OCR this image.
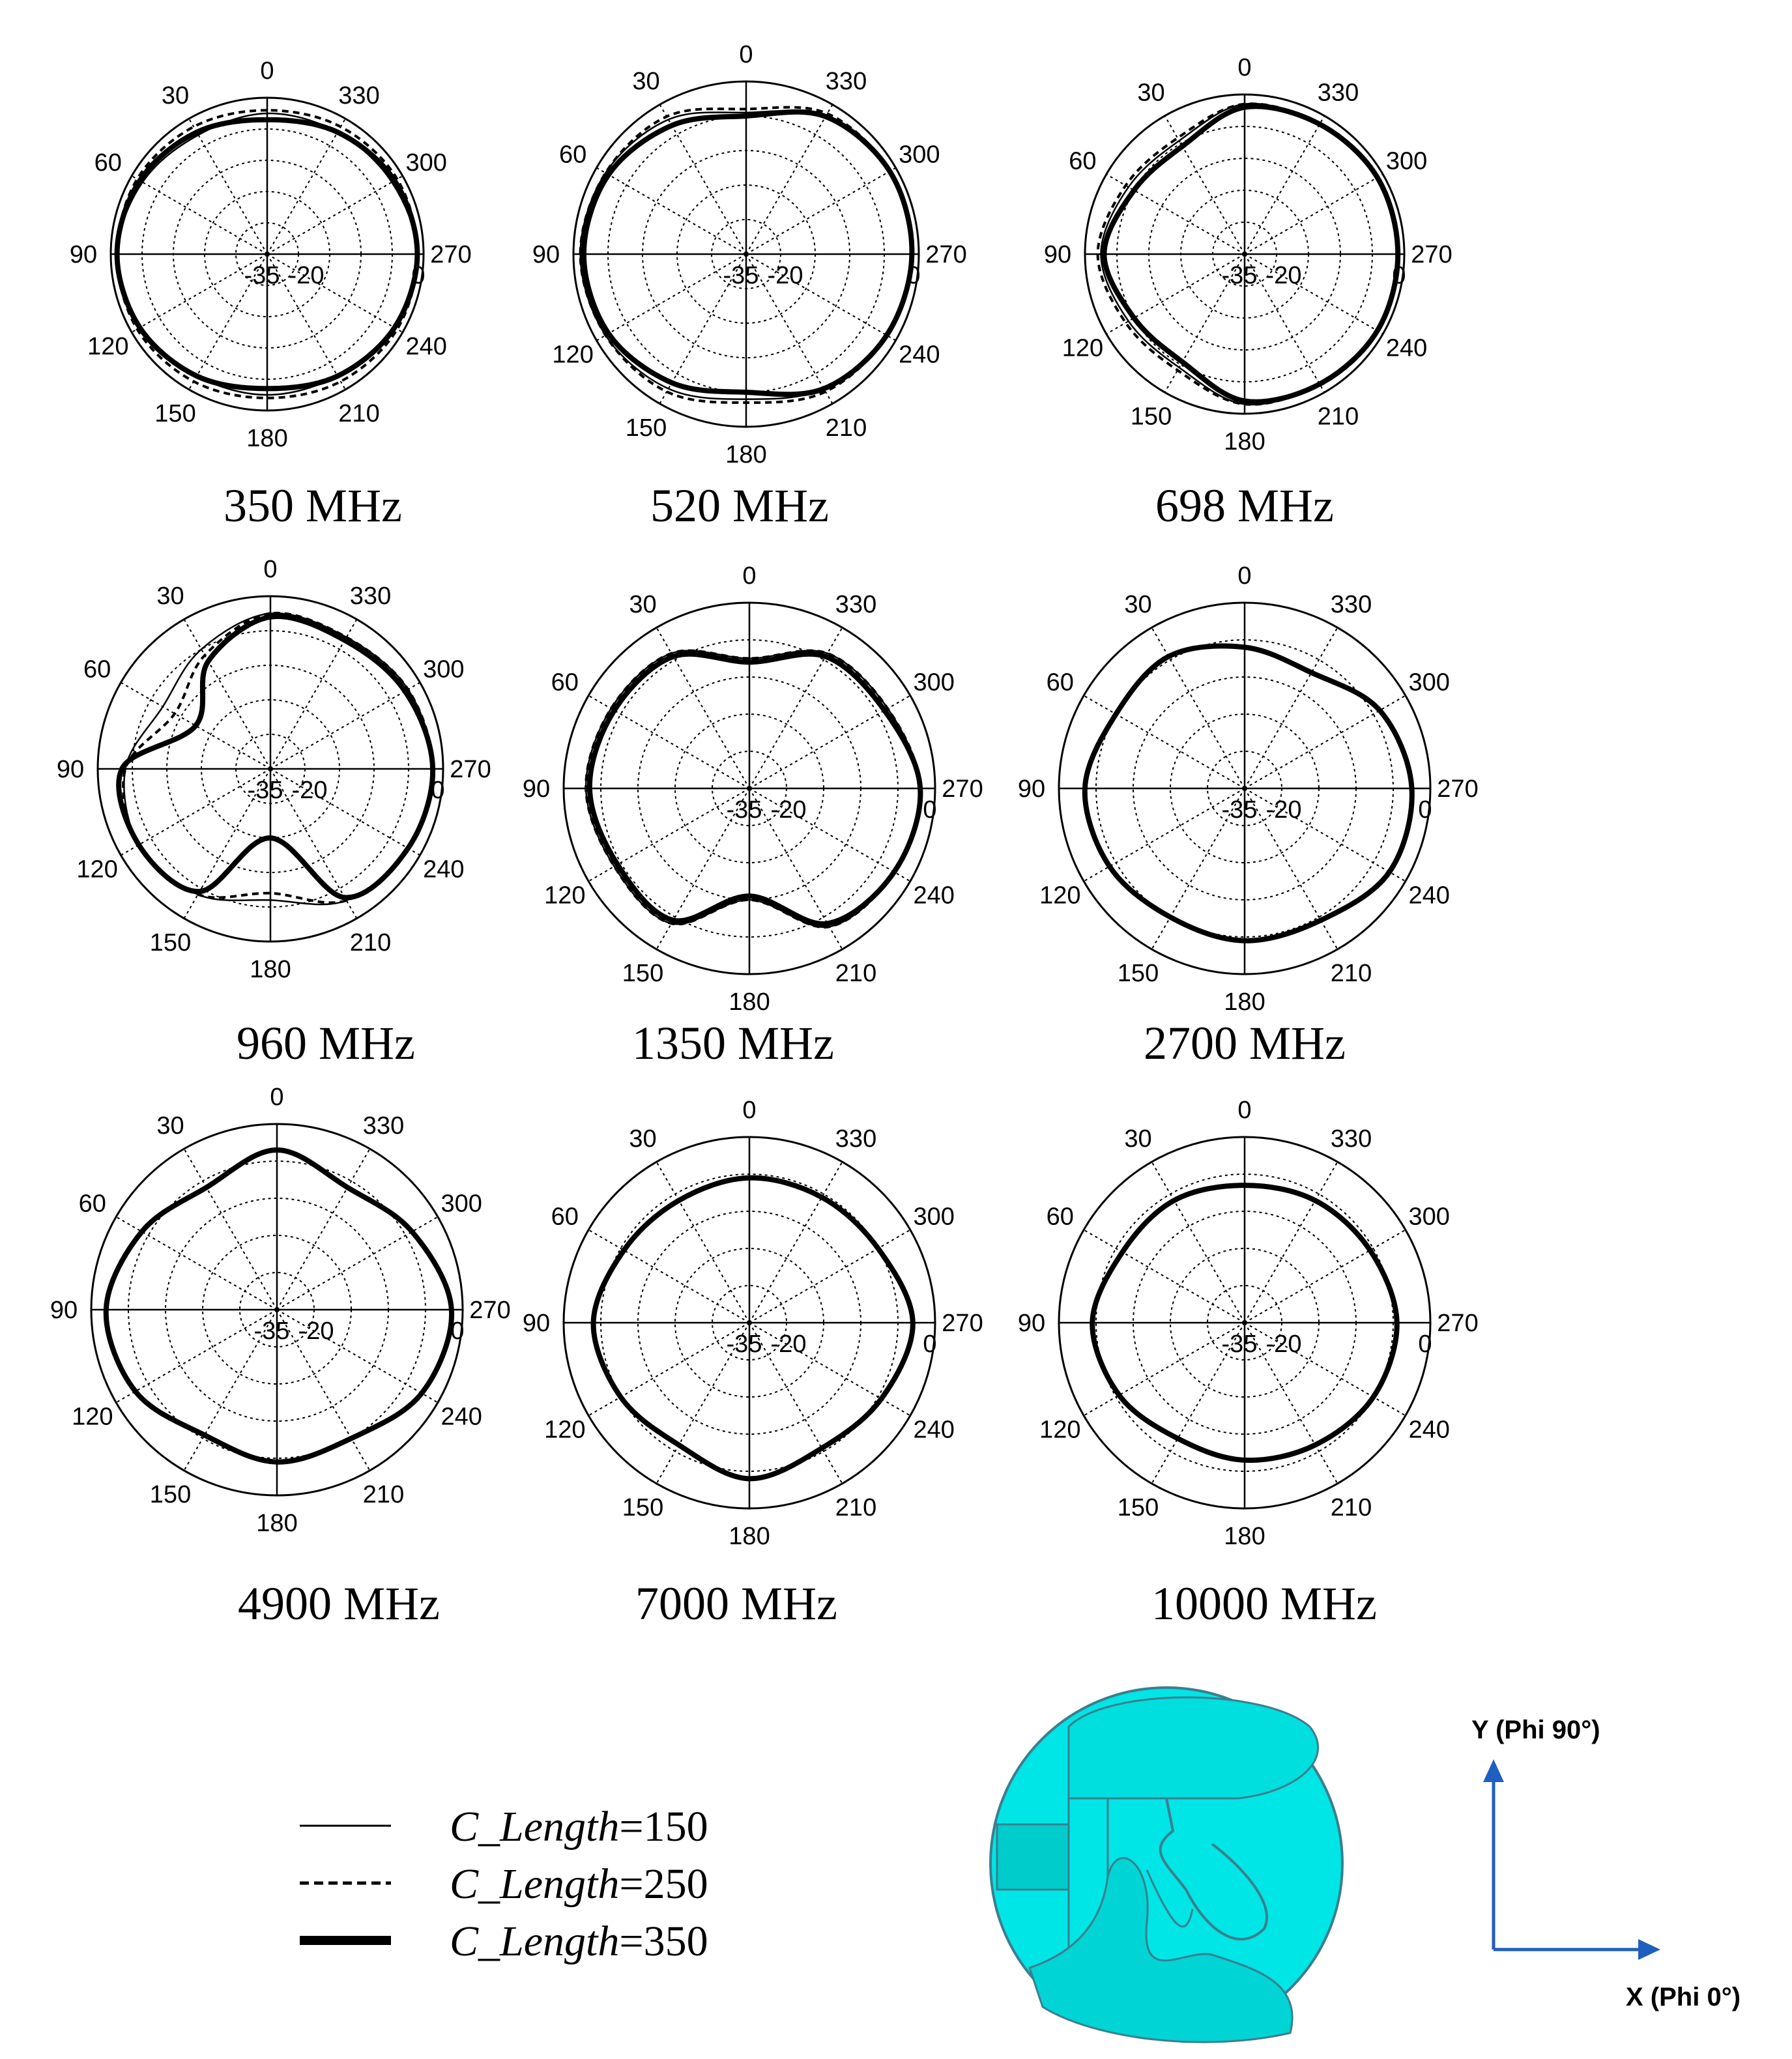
0
30
60
90
120
150
180
210
240
270
300
330
-35 -20	0
350 MHz
0
30
60
90
120
150
180
210
240
270
300
330
-35 -20	0
520 MHz
0
30
60
90
120
150
180
210
240
270
300
330
-35 -20	0
698 MHz
0
30
60
90
120
150
180
210
240
270
300
330
-35 -20	0
960 MHz
0
30
60
90
120
150
180
210
240
270
300
330
-35 -20	0
1350 MHz
0
30
60
90
120
150
180
210
240
270
300
330
-35 -20	0
2700 MHz
0
30
60
90
120
150
180
210
240
270
300
330
-35 -20	0
4900 MHz
0
30
60
90
120
150
180
210
240
270
300
330
-35 -20	0
7000 MHz
0
30
60
90
120
150
180
210
240
270
300
330
-35 -20	0
10000 MHz
C_Length=150
C_Length=250
C_Length=350
Y (Phi 90°)
X (Phi 0°)
